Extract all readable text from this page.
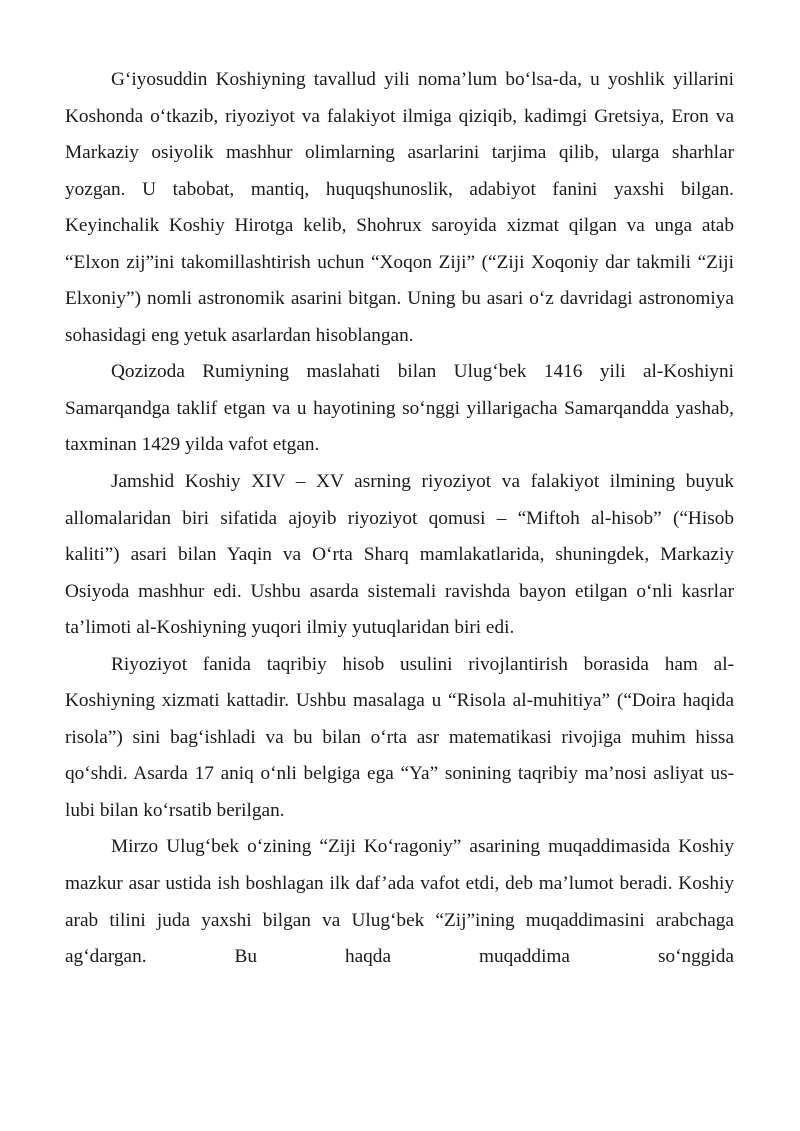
G‘iyosuddin Koshiyning tavallud yili noma’lum bo‘lsa-da, u yoshlik yillarini Koshonda o‘tkazib, riyoziyot va falakiyot ilmiga qiziqib, kadimgi Gretsiya, Eron va Markaziy osiyolik mashhur olimlarning asarlarini tarjima qilib, ularga sharhlar yozgan. U tabobat, mantiq, huquqshunoslik, adabiyot fanini yaxshi bilgan. Keyinchalik Koshiy Hirotga kelib, Shohrux saroyida xizmat qilgan va unga atab “Elxon zij”ini takomillashtirish uchun “Xoqon Ziji” (“Ziji Xoqoniy dar takmili “Ziji Elxoniy”) nomli astronomik asarini bitgan. Uning bu asari o‘z davridagi astronomiya sohasidagi eng yetuk asarlardan hisoblangan.

Qozizoda Rumiyning maslahati bilan Ulug‘bek 1416 yili al-Koshiyni Samarqandga taklif etgan va u hayotining so‘nggi yillarigacha Samarqandda yashab, taxminan 1429 yilda vafot etgan.

Jamshid Koshiy XIV – XV asrning riyoziyot va falakiyot ilmining buyuk allomalaridan biri sifatida ajoyib riyoziyot qomusi – “Miftoh al-hisob” (“Hisob kaliti”) asari bilan Yaqin va O‘rta Sharq mamlakatlarida, shuningdek, Markaziy Osiyoda mashhur edi. Ushbu asarda sistemali ravishda bayon etilgan o‘nli kasrlar ta’limoti al-Koshiyning yuqori ilmiy yutuqlaridan biri edi.

Riyoziyot fanida taqribiy hisob usulini rivojlantirish borasida ham al-Koshiyning xizmati kattadir. Ushbu masalaga u “Risola al-muhitiya” (“Doira haqida risola”) sini bag‘ishladi va bu bilan o‘rta asr matematikasi rivojiga muhim hissa qo‘shdi. Asarda 17 aniq o‘nli belgiga ega “Ya” sonining taqribiy ma’nosi asliyat us-lubi bilan ko‘rsatib berilgan.

Mirzo Ulug‘bek o‘zining “Ziji Ko‘ragoniy” asarining muqaddimasida Koshiy mazkur asar ustida ish boshlagan ilk daf’ada vafot etdi, deb ma’lumot beradi. Koshiy arab tilini juda yaxshi bilgan va Ulug‘bek “Zij”ining muqaddimasini arabchaga ag‘dargan. Bu haqda muqaddima so‘nggida
